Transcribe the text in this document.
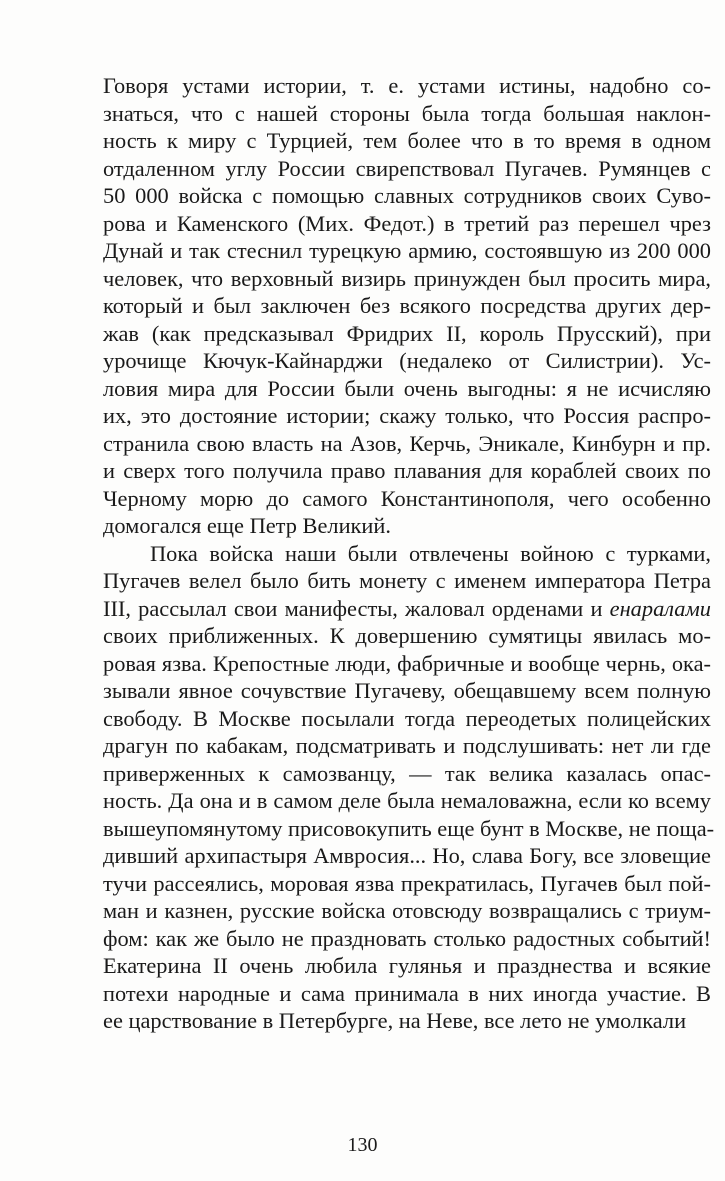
Говоря устами истории, т. е. устами истины, надобно со-
знаться, что с нашей стороны была тогда большая наклон-
ность к миру с Турцией, тем более что в то время в одном
отдаленном углу России свирепствовал Пугачев. Румянцев с
50 000 войска с помощью славных сотрудников своих Суво-
рова и Каменского (Мих. Федот.) в третий раз перешел чрез
Дунай и так стеснил турецкую армию, состоявшую из 200 000
человек, что верховный визирь принужден был просить мира,
который и был заключен без всякого посредства других дер-
жав (как предсказывал Фридрих II, король Прусский), при
урочище Кючук-Кайнарджи (недалеко от Силистрии). Ус-
ловия мира для России были очень выгодны: я не исчисляю
их, это достояние истории; скажу только, что Россия распро-
странила свою власть на Азов, Керчь, Эникале, Кинбурн и пр.
и сверх того получила право плавания для кораблей своих по
Черному морю до самого Константинополя, чего особенно
домогался еще Петр Великий.
Пока войска наши были отвлечены войною с турками,
Пугачев велел было бить монету с именем императора Петра
III, рассылал свои манифесты, жаловал орденами и енаралами
своих приближенных. К довершению сумятицы явилась мо-
ровая язва. Крепостные люди, фабричные и вообще чернь, ока-
зывали явное сочувствие Пугачеву, обещавшему всем полную
свободу. В Москве посылали тогда переодетых полицейских
драгун по кабакам, подсматривать и подслушивать: нет ли где
приверженных к самозванцу, — так велика казалась опас-
ность. Да она и в самом деле была немаловажна, если ко всему
вышеупомянутому присовокупить еще бунт в Москве, не поща-
дивший архипастыря Амвросия... Но, слава Богу, все зловещие
тучи рассеялись, моровая язва прекратилась, Пугачев был пой-
ман и казнен, русские войска отовсюду возвращались с триум-
фом: как же было не праздновать столько радостных событий!
Екатерина II очень любила гулянья и празднества и всякие
потехи народные и сама принимала в них иногда участие. В
ее царствование в Петербурге, на Неве, все лето не умолкали
130
